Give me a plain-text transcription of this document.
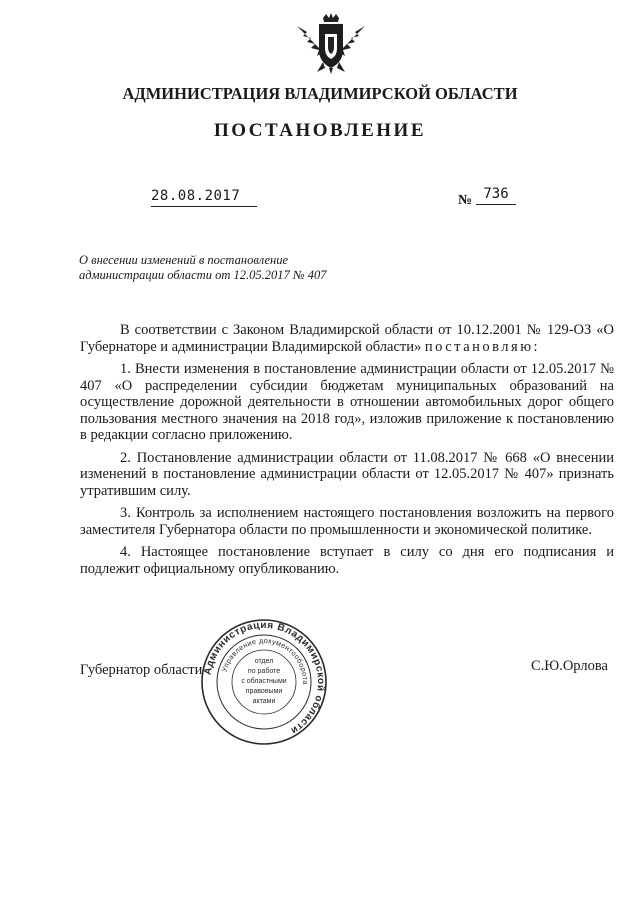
АДМИНИСТРАЦИЯ ВЛАДИМИРСКОЙ ОБЛАСТИ
ПОСТАНОВЛЕНИЕ
28.08.2017	№ 736
О внесении изменений в постановление
администрации области от 12.05.2017 № 407

В соответствии с Законом Владимирской области от 10.12.2001 № 129-ОЗ «О Губернаторе и администрации Владимирской области» постановляю:

1. Внести изменения в постановление администрации области от 12.05.2017 № 407 «О распределении субсидии бюджетам муниципальных образований на осуществление дорожной деятельности в отношении автомобильных дорог общего пользования местного значения на 2018 год», изложив приложение к постановлению в редакции согласно приложению.

2. Постановление администрации области от 11.08.2017 № 668 «О внесении изменений в постановление администрации области от 12.05.2017 № 407» признать утратившим силу.

3. Контроль за исполнением настоящего постановления возложить на первого заместителя Губернатора области по промышленности и экономической политике.

4. Настоящее постановление вступает в силу со дня его подписания и подлежит официальному опубликованию.

Губернатор области	С.Ю.Орлова
Администрация Владимирской области
Управление документооборота
отдел
по работе
с областными
правовыми
актами
